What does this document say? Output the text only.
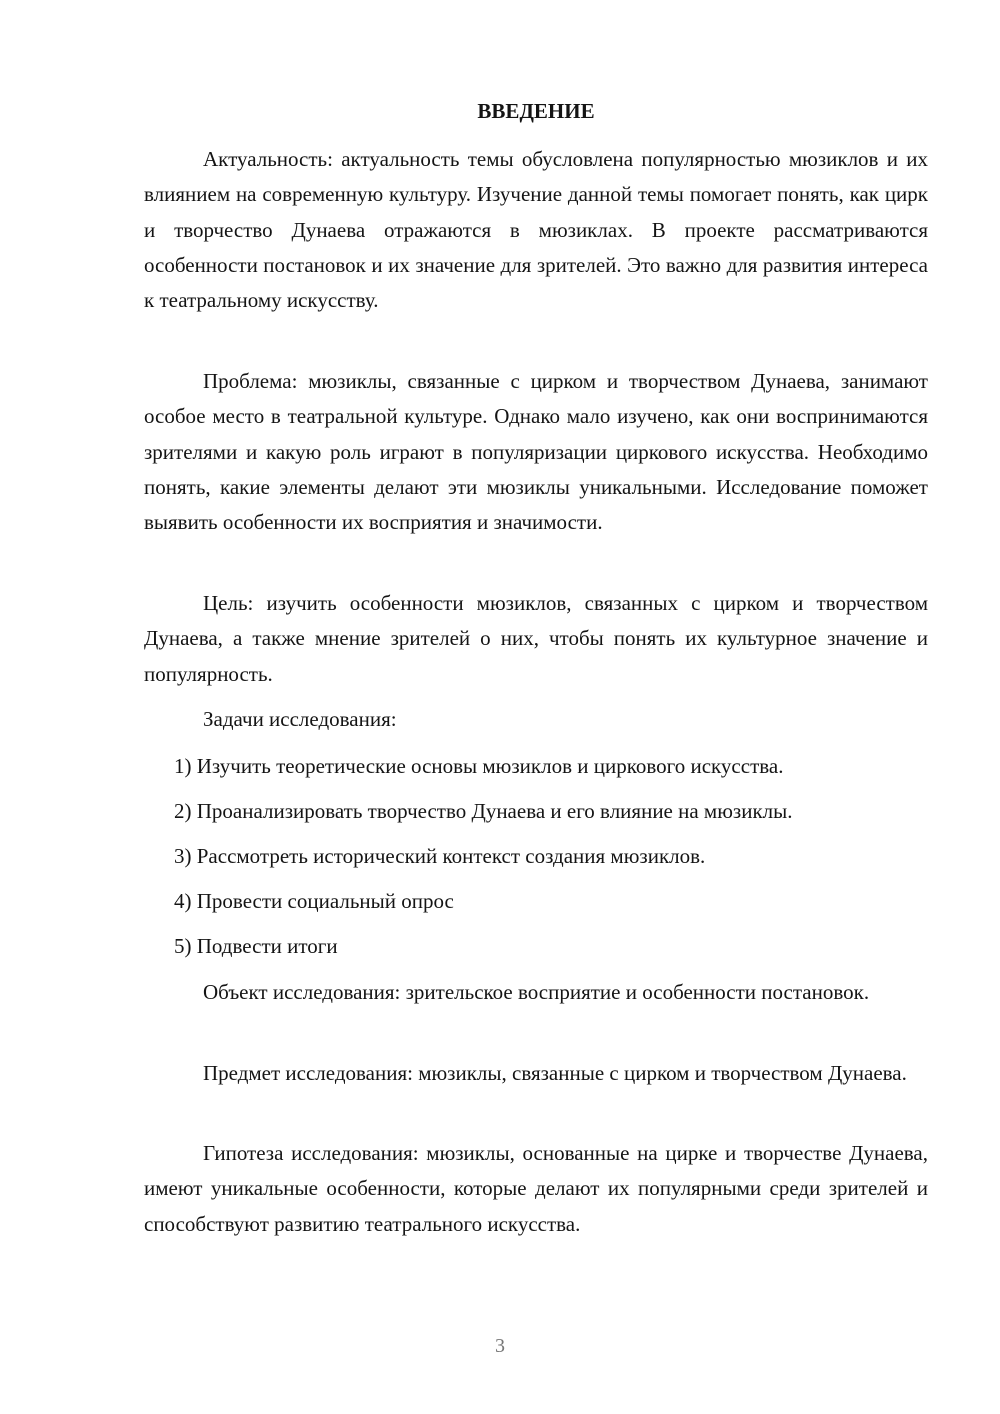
ВВЕДЕНИЕ

Актуальность: актуальность темы обусловлена популярностью мюзиклов и их влиянием на современную культуру. Изучение данной темы помогает понять, как цирк и творчество Дунаева отражаются в мюзиклах. В проекте рассматриваются особенности постановок и их значение для зрителей. Это важно для развития интереса к театральному искусству.

Проблема: мюзиклы, связанные с цирком и творчеством Дунаева, занимают особое место в театральной культуре. Однако мало изучено, как они воспринимаются зрителями и какую роль играют в популяризации циркового искусства. Необходимо понять, какие элементы делают эти мюзиклы уникальными. Исследование поможет выявить особенности их восприятия и значимости.

Цель: изучить особенности мюзиклов, связанных с цирком и творчеством Дунаева, а также мнение зрителей о них, чтобы понять их культурное значение и популярность.

Задачи исследования:

1) Изучить теоретические основы мюзиклов и циркового искусства.

2) Проанализировать творчество Дунаева и его влияние на мюзиклы.

3) Рассмотреть исторический контекст создания мюзиклов.

4) Провести социальный опрос

5) Подвести итоги

Объект исследования: зрительское восприятие и особенности постановок.

Предмет исследования: мюзиклы, связанные с цирком и творчеством Дунаева.

Гипотеза исследования: мюзиклы, основанные на цирке и творчестве Дунаева, имеют уникальные особенности, которые делают их популярными среди зрителей и способствуют развитию театрального искусства.

3
